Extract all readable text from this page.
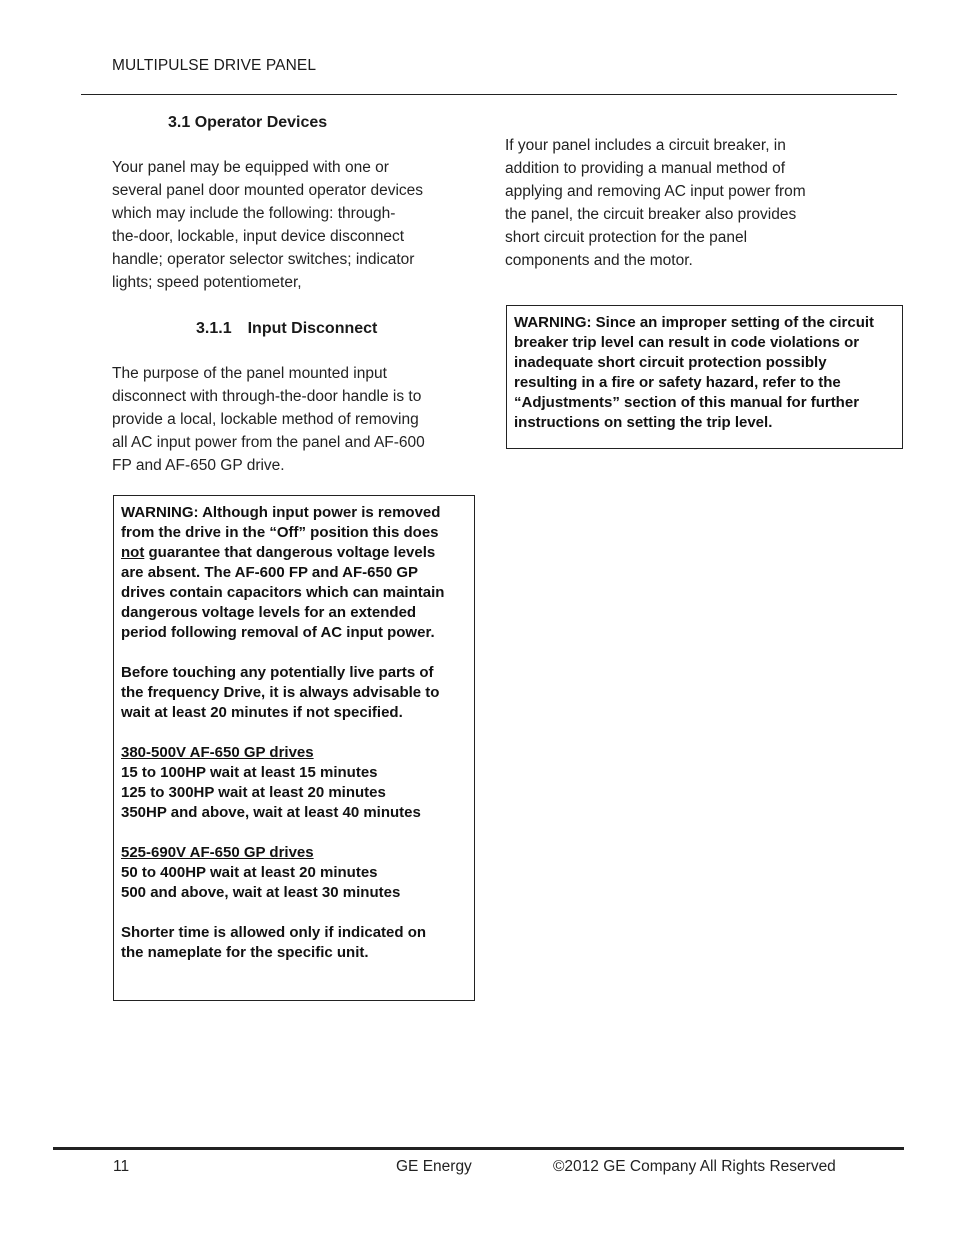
MULTIPULSE DRIVE PANEL
3.1 Operator Devices
Your panel may be equipped with one or
several panel door mounted operator devices
which may include the following: through-
the-door, lockable, input device disconnect
handle; operator selector switches; indicator
lights; speed potentiometer,
3.1.1 Input Disconnect
The purpose of the panel mounted input
disconnect with through-the-door handle is to
provide a local, lockable method of removing
all AC input power from the panel and AF-600
FP and AF-650 GP drive.

WARNING: Although input power is removed

from the drive in the “Off” position this does

not guarantee that dangerous voltage levels

are absent. The AF-600 FP and AF-650 GP

drives contain capacitors which can maintain

dangerous voltage levels for an extended

period following removal of AC input power.

Before touching any potentially live parts of

the frequency Drive, it is always advisable to

wait at least 20 minutes if not specified.

380-500V AF-650 GP drives

15 to 100HP wait at least 15 minutes

125 to 300HP wait at least 20 minutes

350HP and above, wait at least 40 minutes

525-690V AF-650 GP drives

50 to 400HP wait at least 20 minutes

500 and above, wait at least 30 minutes

Shorter time is allowed only if indicated on

the nameplate for the specific unit.

If your panel includes a circuit breaker, in
addition to providing a manual method of
applying and removing AC input power from
the panel, the circuit breaker also provides
short circuit protection for the panel
components and the motor.

WARNING: Since an improper setting of the circuit

breaker trip level can result in code violations or

inadequate short circuit protection possibly

resulting in a fire or safety hazard, refer to the

“Adjustments” section of this manual for further

instructions on setting the trip level.

11	GE Energy	©2012 GE Company All Rights Reserved
